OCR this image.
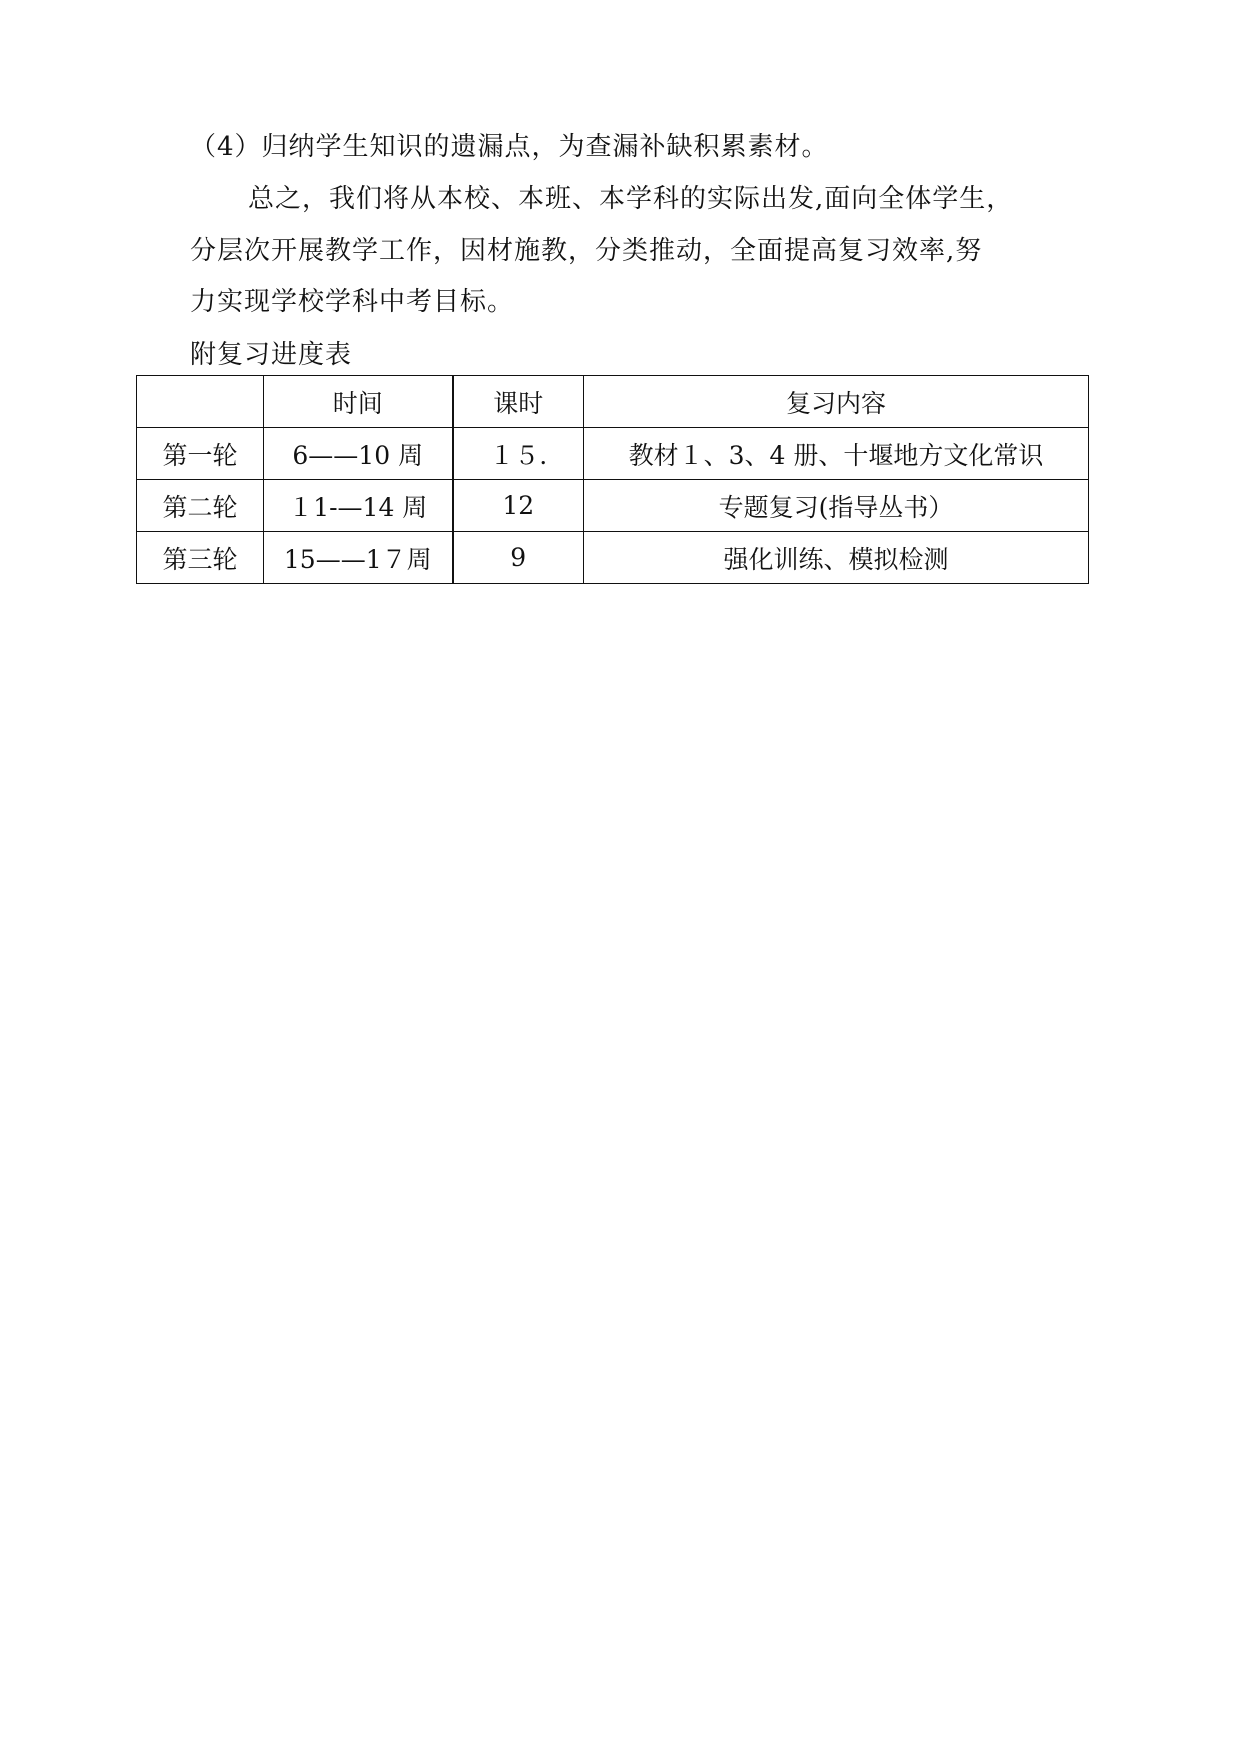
（4）归纳学生知识的遗漏点，为查漏补缺积累素材。
总之，我们将从本校、本班、本学科的实际出发,面向全体学生，
分层次开展教学工作，因材施教，分类推动，全面提高复习效率,努
力实现学校学科中考目标。
附复习进度表
	时间	课时	复习内容
第一轮	6——10 周	１５.	教材１、3、4 册、十堰地方文化常识
第二轮	１1-—14 周	12	专题复习(指导丛书）
第三轮	15——1７周	9	强化训练、模拟检测
